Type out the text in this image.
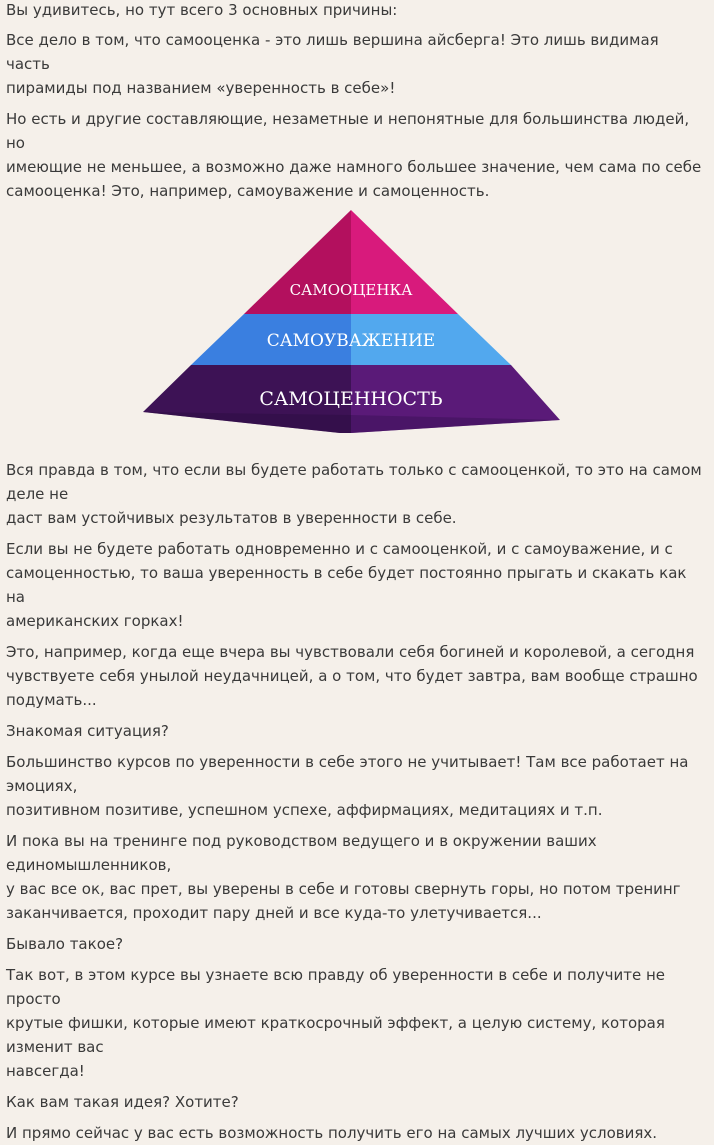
Вы удивитесь, но тут всего 3 основных причины:

Все дело в том, что самооценка - это лишь вершина айсберга! Это лишь видимая часть
пирамиды под названием «уверенность в себе»!

Но есть и другие составляющие, незаметные и непонятные для большинства людей, но
имеющие не меньшее, а возможно даже намного большее значение, чем сама по себе
самооценка! Это, например, самоуважение и самоценность.

САМООЦЕНКА
САМОУВАЖЕНИЕ
САМОЦЕННОСТЬ

Вся правда в том, что если вы будете работать только с самооценкой, то это на самом деле не
даст вам устойчивых результатов в уверенности в себе.

Если вы не будете работать одновременно и с самооценкой, и с самоуважение, и с
самоценностью, то ваша уверенность в себе будет постоянно прыгать и скакать как на
американских горках!

Это, например, когда еще вчера вы чувствовали себя богиней и королевой, а сегодня
чувствуете себя унылой неудачницей, а о том, что будет завтра, вам вообще страшно
подумать...

Знакомая ситуация?

Большинство курсов по уверенности в себе этого не учитывает! Там все работает на эмоциях,
позитивном позитиве, успешном успехе, аффирмациях, медитациях и т.п.

И пока вы на тренинге под руководством ведущего и в окружении ваших единомышленников,
у вас все ок, вас прет, вы уверены в себе и готовы свернуть горы, но потом тренинг
заканчивается, проходит пару дней и все куда-то улетучивается...

Бывало такое?

Так вот, в этом курсе вы узнаете всю правду об уверенности в себе и получите не просто
крутые фишки, которые имеют краткосрочный эффект, а целую систему, которая изменит вас
навсегда!

Как вам такая идея? Хотите?

И прямо сейчас у вас есть возможность получить его на самых лучших условиях.
